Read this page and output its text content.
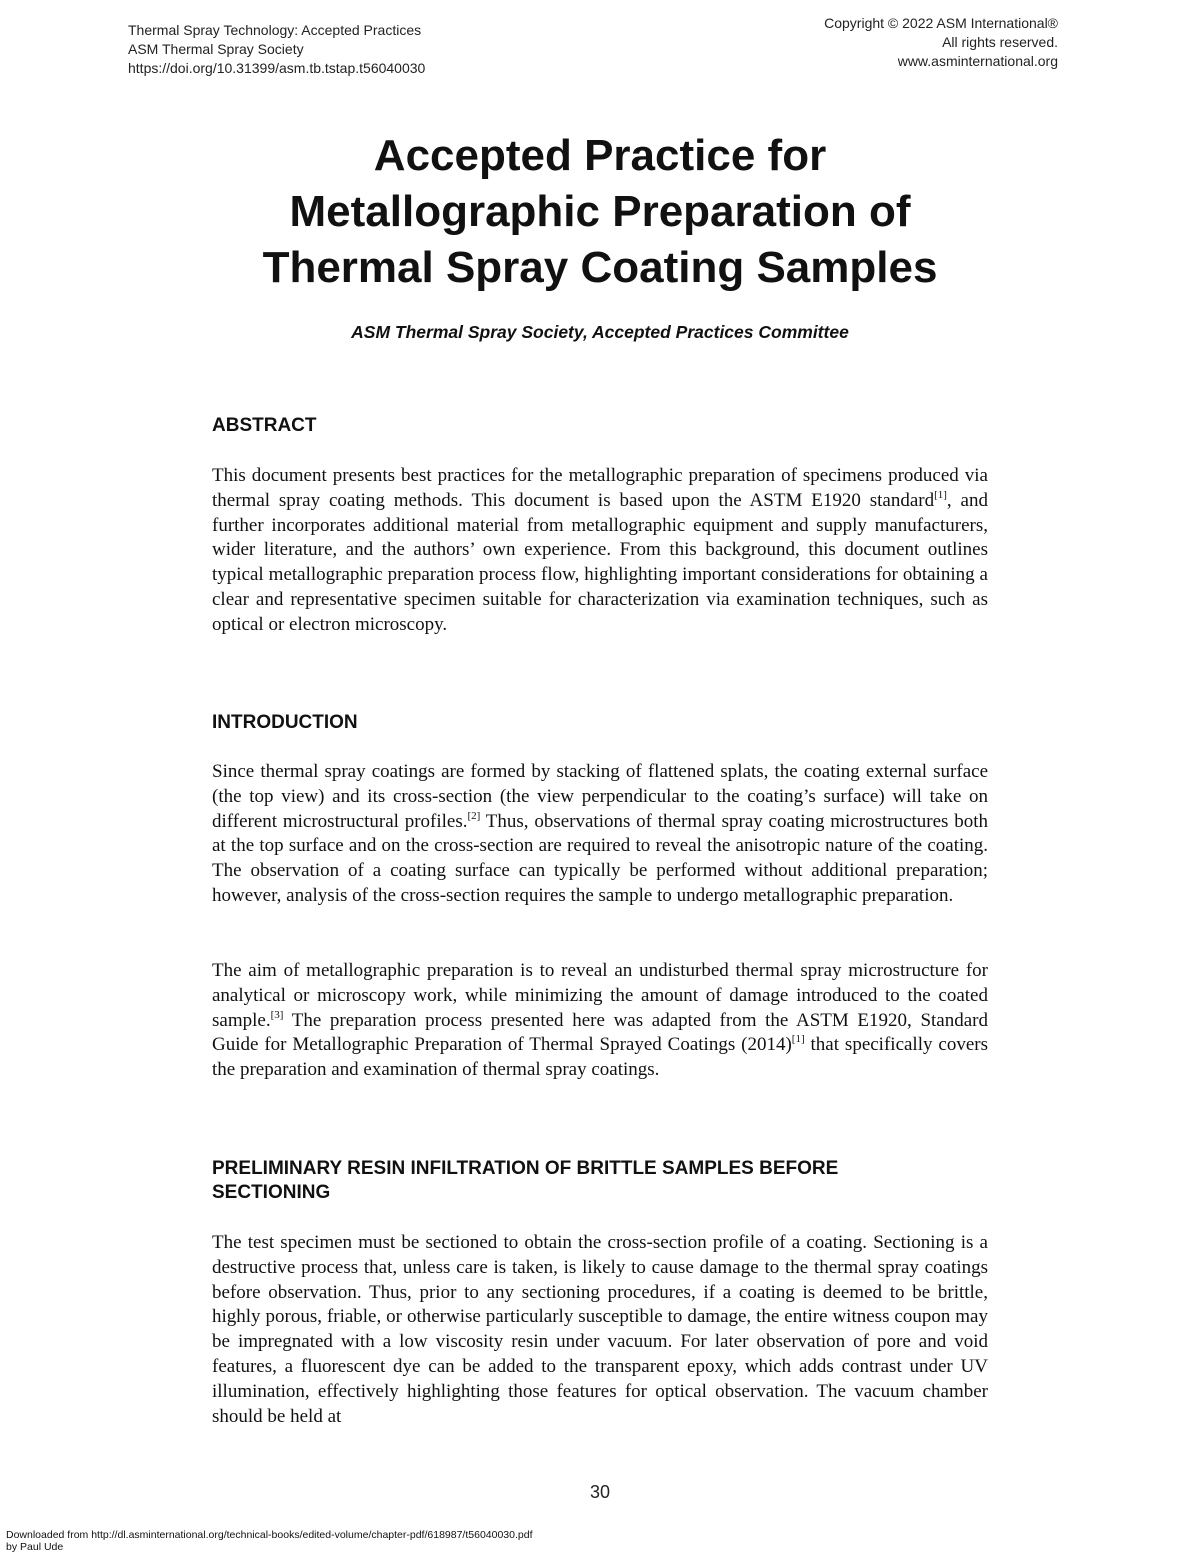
Thermal Spray Technology: Accepted Practices
ASM Thermal Spray Society
https://doi.org/10.31399/asm.tb.tstap.t56040030
Copyright © 2022 ASM International®
All rights reserved.
www.asminternational.org
Accepted Practice for
Metallographic Preparation of
Thermal Spray Coating Samples
ASM Thermal Spray Society, Accepted Practices Committee
ABSTRACT

This document presents best practices for the metallographic preparation of specimens produced via thermal spray coating methods. This document is based upon the ASTM E1920 standard[1], and further incorporates additional material from metallographic equipment and supply manufacturers, wider literature, and the authors’ own experience. From this background, this document outlines typical metallographic preparation process flow, highlighting important considerations for obtaining a clear and representative specimen suitable for characterization via examination techniques, such as optical or electron microscopy.

INTRODUCTION

Since thermal spray coatings are formed by stacking of flattened splats, the coating external surface (the top view) and its cross-section (the view perpendicular to the coating’s surface) will take on different microstructural profiles.[2] Thus, observations of thermal spray coating microstructures both at the top surface and on the cross-section are required to reveal the anisotropic nature of the coating. The observation of a coating surface can typically be performed without additional preparation; however, analysis of the cross-section requires the sample to undergo metallographic preparation.

The aim of metallographic preparation is to reveal an undisturbed thermal spray microstructure for analytical or microscopy work, while minimizing the amount of damage introduced to the coated sample.[3] The preparation process presented here was adapted from the ASTM E1920, Standard Guide for Metallographic Preparation of Thermal Sprayed Coatings (2014)[1] that specifically covers the preparation and examination of thermal spray coatings.

PRELIMINARY RESIN INFILTRATION OF BRITTLE SAMPLES BEFORE
SECTIONING

The test specimen must be sectioned to obtain the cross-section profile of a coating. Sectioning is a destructive process that, unless care is taken, is likely to cause damage to the thermal spray coatings before observation. Thus, prior to any sectioning procedures, if a coating is deemed to be brittle, highly porous, friable, or otherwise particularly susceptible to damage, the entire witness coupon may be impregnated with a low viscosity resin under vacuum. For later observation of pore and void features, a fluorescent dye can be added to the transparent epoxy, which adds contrast under UV illumination, effectively highlighting those features for optical observation. The vacuum chamber should be held at

30
Downloaded from http://dl.asminternational.org/technical-books/edited-volume/chapter-pdf/618987/t56040030.pdf
by Paul Ude
